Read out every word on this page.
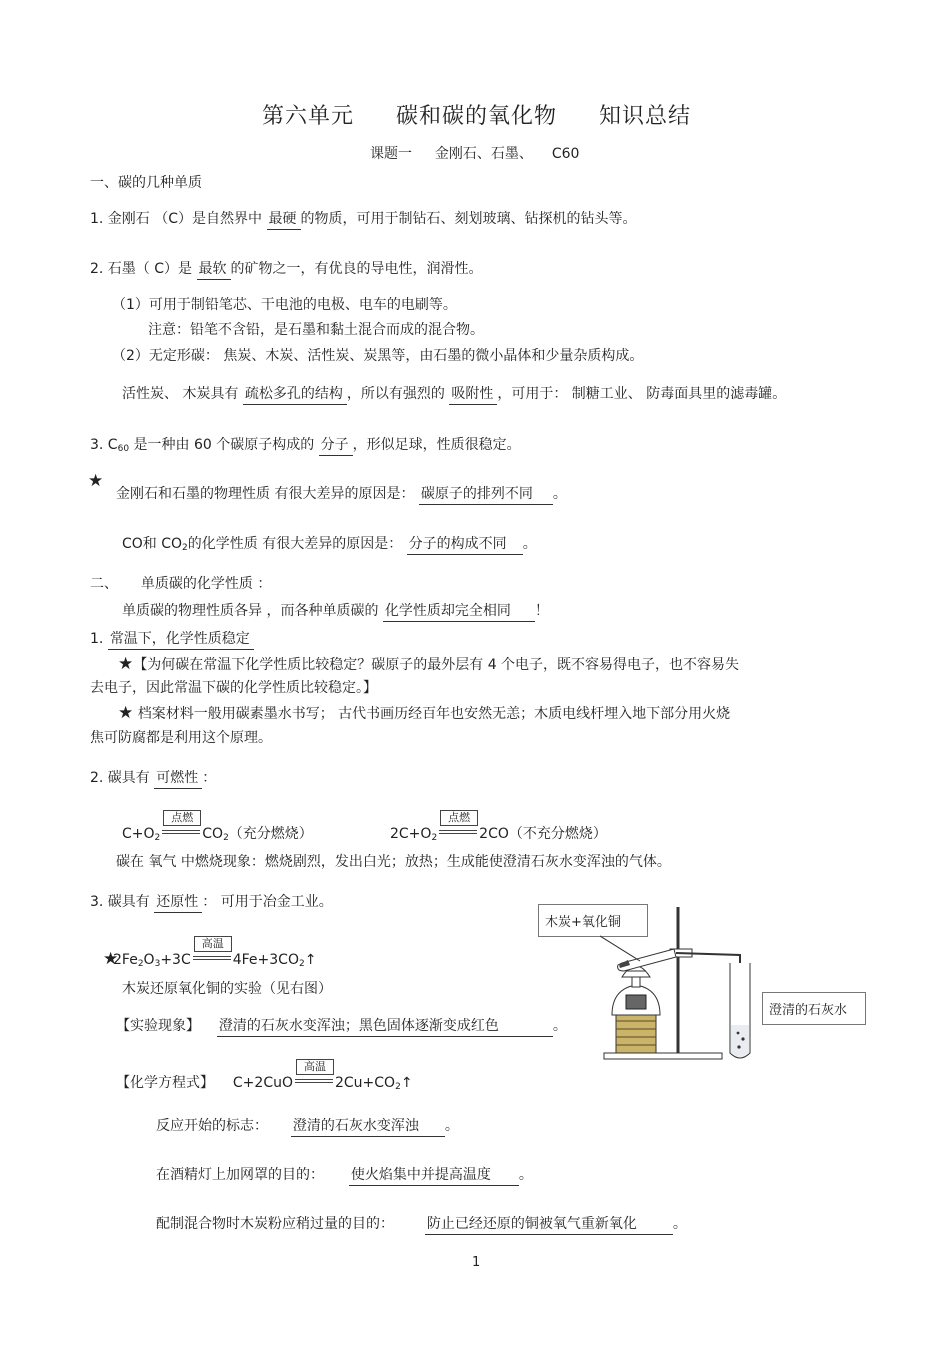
第六单元 碳和碳的氧化物 知识总结
课题一 金刚石、石墨、 C60
一、碳的几种单质
1. 金刚石 （C）是自然界中 最硬 的物质，可用于制钻石、刻划玻璃、钻探机的钻头等。
2. 石墨（ C）是 最软 的矿物之一，有优良的导电性，润滑性。
（1）可用于制铅笔芯、干电池的电极、电车的电刷等。
注意：铅笔不含铅，是石墨和黏土混合而成的混合物。
（2）无定形碳： 焦炭、木炭、活性炭、炭黑等，由石墨的微小晶体和少量杂质构成。
活性炭、 木炭具有 疏松多孔的结构 ，所以有强烈的 吸附性 ，可用于： 制糖工业、 防毒面具里的滤毒罐。
3. $C_{60}$ 是一种由 60 个碳原子构成的 分子 ，形似足球，性质很稳定。
★
金刚石和石墨的物理性质 有很大差异的原因是： 碳原子的排列不同 。
CO和 $CO_2$的化学性质 有很大差异的原因是： 分子的构成不同 。
二、 单质碳的化学性质 ：
单质碳的物理性质各异 ，而各种单质碳的 化学性质却完全相同 ！
1. 常温下，化学性质稳定
★【为何碳在常温下化学性质比较稳定？碳原子的最外层有 4 个电子，既不容易得电子，也不容易失
去电子，因此常温下碳的化学性质比较稳定。】
★ 档案材料一般用碳素墨水书写； 古代书画历经百年也安然无恙；木质电线杆埋入地下部分用火烧
焦可防腐都是利用这个原理。
2. 碳具有 可燃性 ：
$C+O_2$
点燃
$CO_2$（充分燃烧）	$2C+O_2$
点燃
2CO（不充分燃烧）
碳在 氧气 中燃烧现象：燃烧剧烈，发出白光；放热；生成能使澄清石灰水变浑浊的气体。
3. 碳具有 还原性 ： 可用于冶金工业。
★
$2Fe_2O_3+3C$
高温
$4Fe+3CO_2↑$
木炭还原氧化铜的实验（见右图）
【实验现象】 澄清的石灰水变浑浊；黑色固体逐渐变成红色	。
【化学方程式】 C+2CuO
高温
$2Cu+CO_2↑$
反应开始的标志： 澄清的石灰水变浑浊 。
在酒精灯上加网罩的目的： 使火焰集中并提高温度 。
配制混合物时木炭粉应稍过量的目的： 防止已经还原的铜被氧气重新氧化	。
木炭+氧化铜
澄清的石灰水
1
